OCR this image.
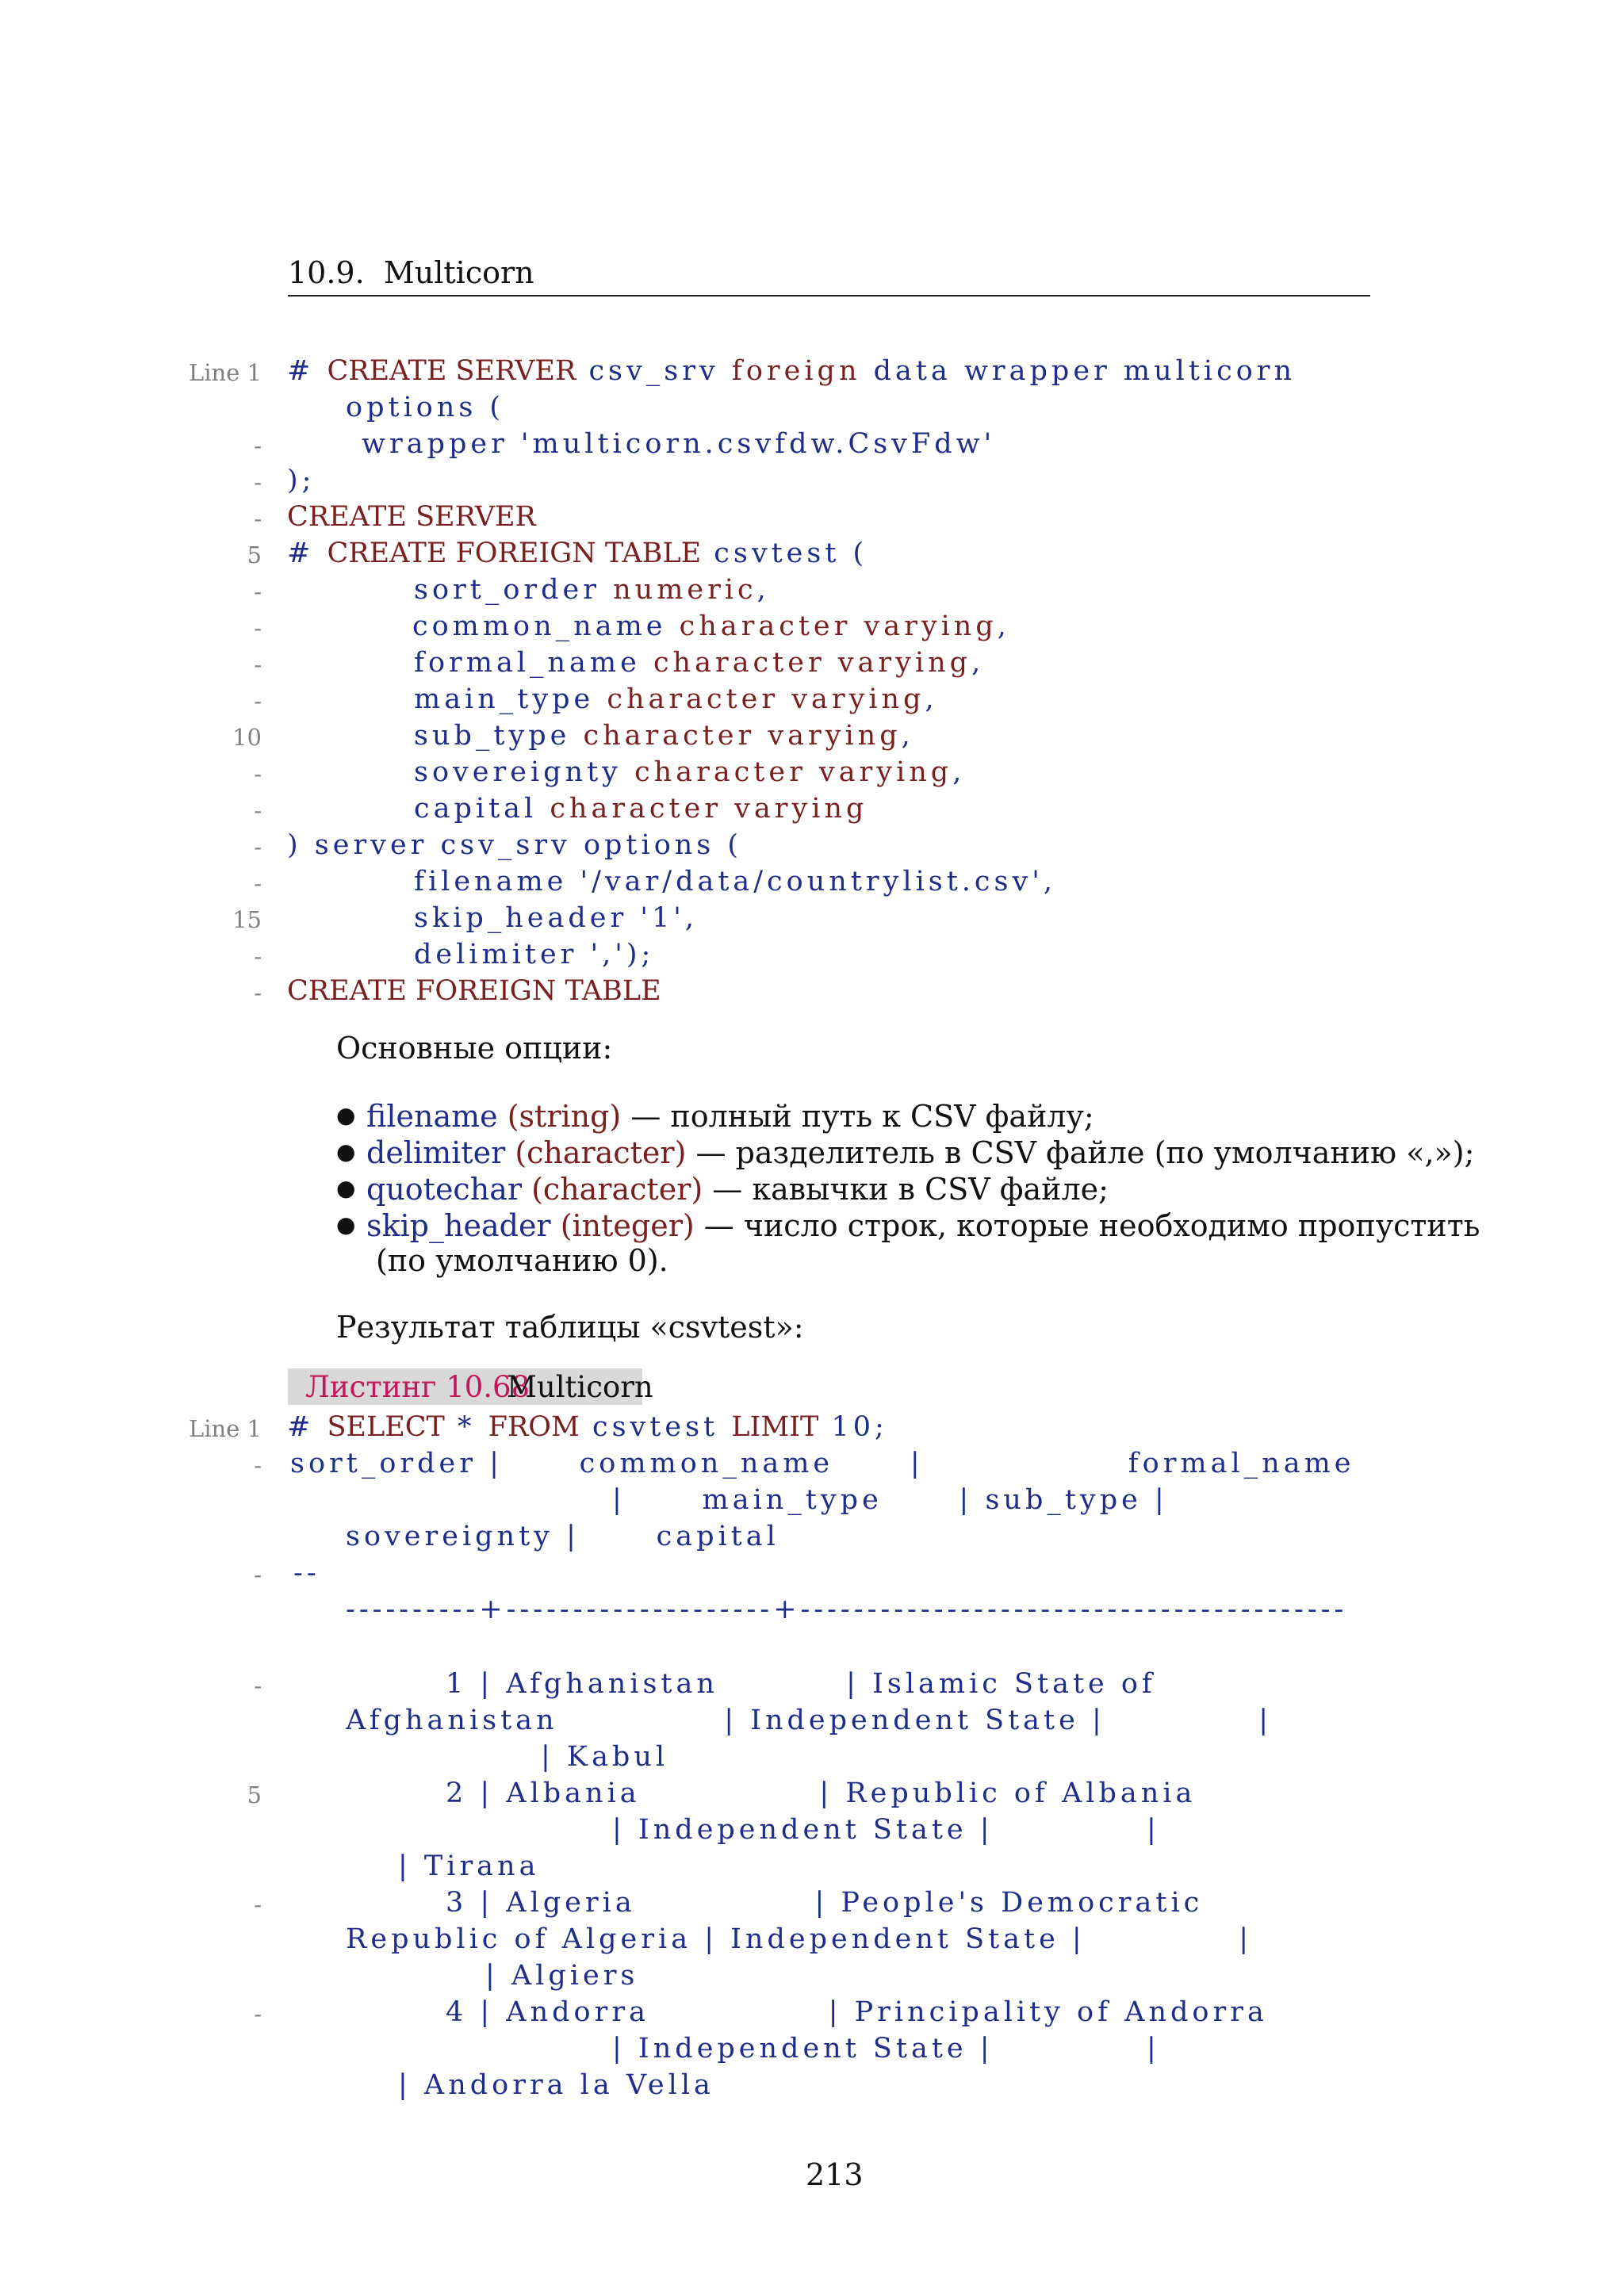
10.9. Multicorn
Line 1 # CREATE SERVER csv_srv foreign data wrapper multicorn
options (
-	wrapper 'multicorn.csvfdw.CsvFdw'
- );
- CREATE SERVER
5 # CREATE FOREIGN TABLE csvtest (
-	sort_order numeric,
-	common_name character varying,
-	formal_name character varying,
-	main_type character varying,
10	sub_type character varying,
-	sovereignty character varying,
-	capital character varying
- ) server csv_srv options (
-	filename '/var/data/countrylist.csv',
15	skip_header '1',
-	delimiter ',');
- CREATE FOREIGN TABLE
Основные опции:
● filename (string) — полный путь к CSV файлу;
● delimiter (character) — разделитель в CSV файле (по умолчанию «,»);
● quotechar (character) — кавычки в CSV файле;
● skip_header (integer) — число строк, которые необходимо пропустить
(по умолчанию 0).
Результат таблицы «csvtest»:
Листинг 10.68
Multicorn
Line 1 # SELECT * FROM csvtest LIMIT 10;
- sort_order |      common_name      |                formal_name
|      main_type      | sub_type |
sovereignty |      capital
- --
----------+--------------------+-----------------------------------------
-	1 | Afghanistan          | Islamic State of
Afghanistan             | Independent State |            |
| Kabul
5	2 | Albania              | Republic of Albania
| Independent State |            |
| Tirana
-	3 | Algeria              | People's Democratic
Republic of Algeria | Independent State |            |
| Algiers
-	4 | Andorra              | Principality of Andorra
| Independent State |            |
| Andorra la Vella
213
